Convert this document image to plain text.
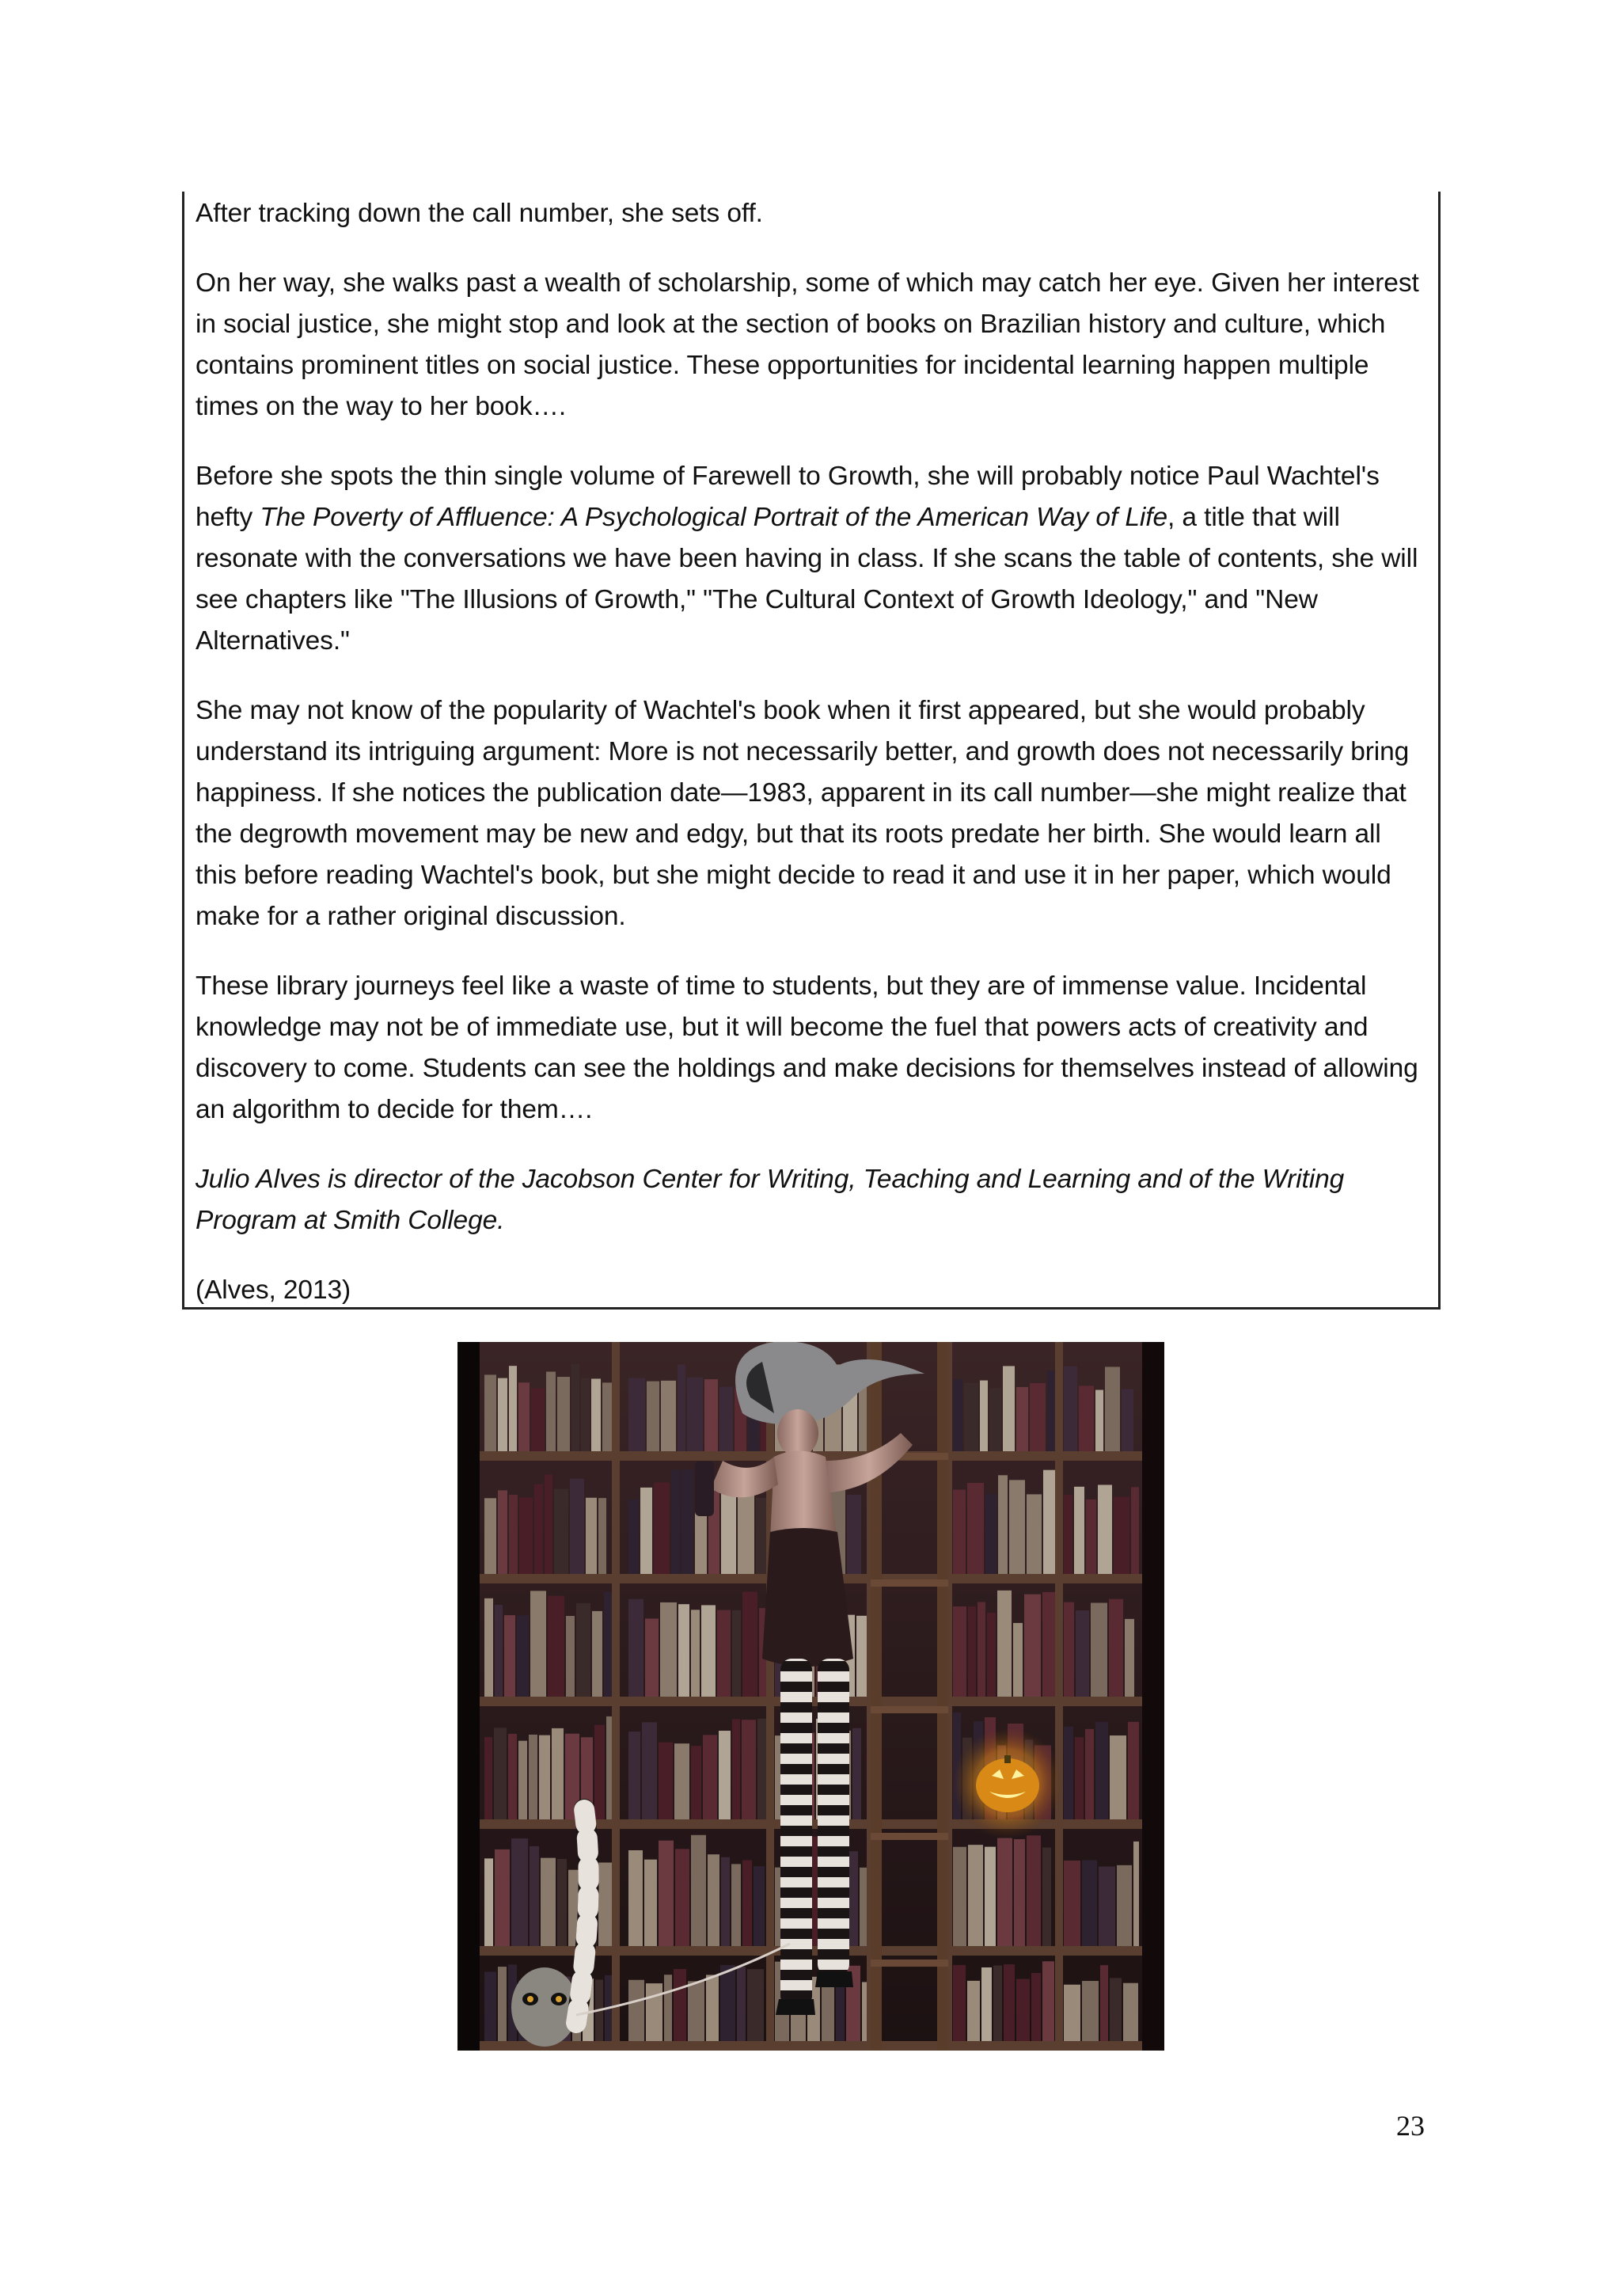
After tracking down the call number, she sets off.

On her way, she walks past a wealth of scholarship, some of which may catch her eye. Given her interest in social justice, she might stop and look at the section of books on Brazilian history and culture, which contains prominent titles on social justice. These opportunities for incidental learning happen multiple times on the way to her book….

Before she spots the thin single volume of Farewell to Growth, she will probably notice Paul Wachtel's hefty The Poverty of Affluence: A Psychological Portrait of the American Way of Life, a title that will resonate with the conversations we have been having in class. If she scans the table of contents, she will see chapters like "The Illusions of Growth," "The Cultural Context of Growth Ideology," and "New Alternatives."

She may not know of the popularity of Wachtel's book when it first appeared, but she would probably understand its intriguing argument: More is not necessarily better, and growth does not necessarily bring happiness. If she notices the publication date—1983, apparent in its call number—she might realize that the degrowth movement may be new and edgy, but that its roots predate her birth. She would learn all this before reading Wachtel's book, but she might decide to read it and use it in her paper, which would make for a rather original discussion.

These library journeys feel like a waste of time to students, but they are of immense value. Incidental knowledge may not be of immediate use, but it will become the fuel that powers acts of creativity and discovery to come. Students can see the holdings and make decisions for themselves instead of allowing an algorithm to decide for them….

Julio Alves is director of the Jacobson Center for Writing, Teaching and Learning and of the Writing Program at Smith College.

(Alves, 2013)

23
